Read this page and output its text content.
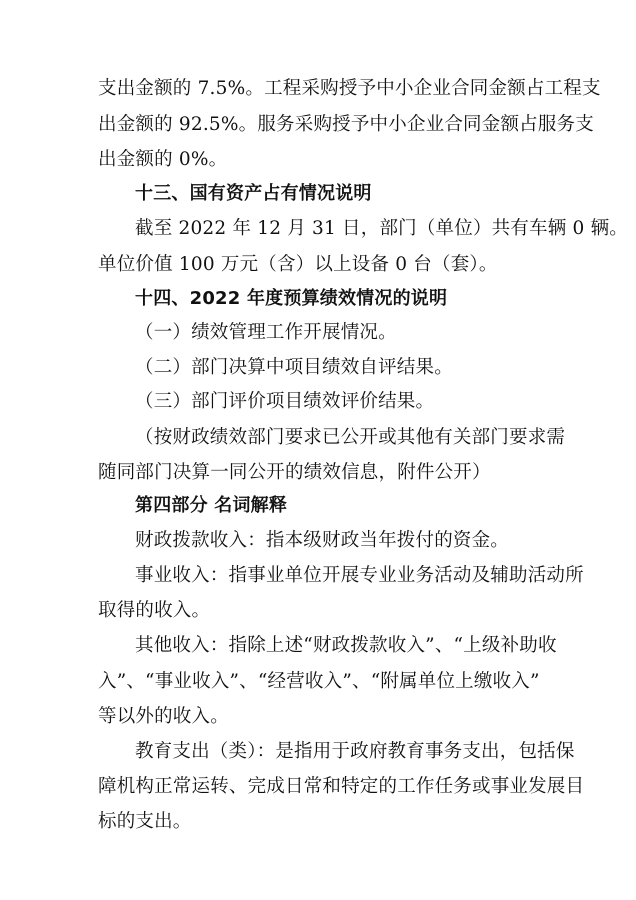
支出金额的 7.5%。工程采购授予中小企业合同金额占工程支
出金额的 92.5%。服务采购授予中小企业合同金额占服务支
出金额的 0%。
十三、国有资产占有情况说明
截至 2022 年 12 月 31 日，部门（单位）共有车辆 0 辆。
单位价值 100 万元（含）以上设备 0 台（套）。
十四、2022 年度预算绩效情况的说明
（一）绩效管理工作开展情况。
（二）部门决算中项目绩效自评结果。
（三）部门评价项目绩效评价结果。
（按财政绩效部门要求已公开或其他有关部门要求需
随同部门决算一同公开的绩效信息，附件公开）
第四部分 名词解释
财政拨款收入：指本级财政当年拨付的资金。
事业收入：指事业单位开展专业业务活动及辅助活动所
取得的收入。
其他收入：指除上述“财政拨款收入”、“上级补助收
入”、“事业收入”、“经营收入”、“附属单位上缴收入”
等以外的收入。
教育支出（类）：是指用于政府教育事务支出，包括保
障机构正常运转、完成日常和特定的工作任务或事业发展目
标的支出。
